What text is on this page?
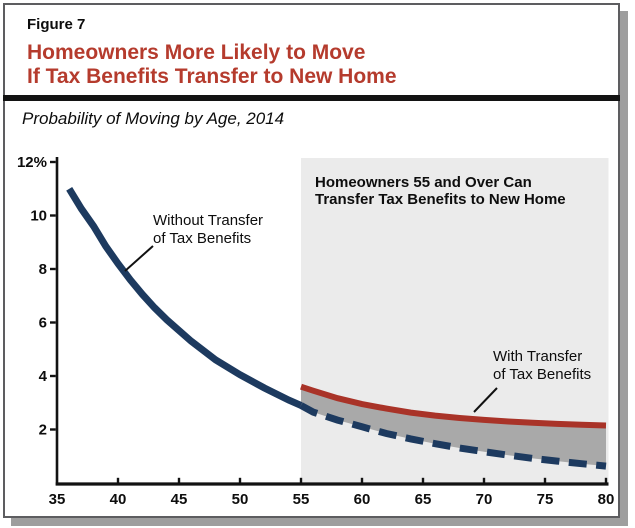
Figure 7
Homeowners More Likely to Move
If Tax Benefits Transfer to New Home
Probability of Moving by Age, 2014
2
4
6
8
10
12%
35	40	45	50	55	60	65	70	75	80
Homeowners 55 and Over Can
Transfer Tax Benefits to New Home
Without Transfer
of Tax Benefits
With Transfer
of Tax Benefits
